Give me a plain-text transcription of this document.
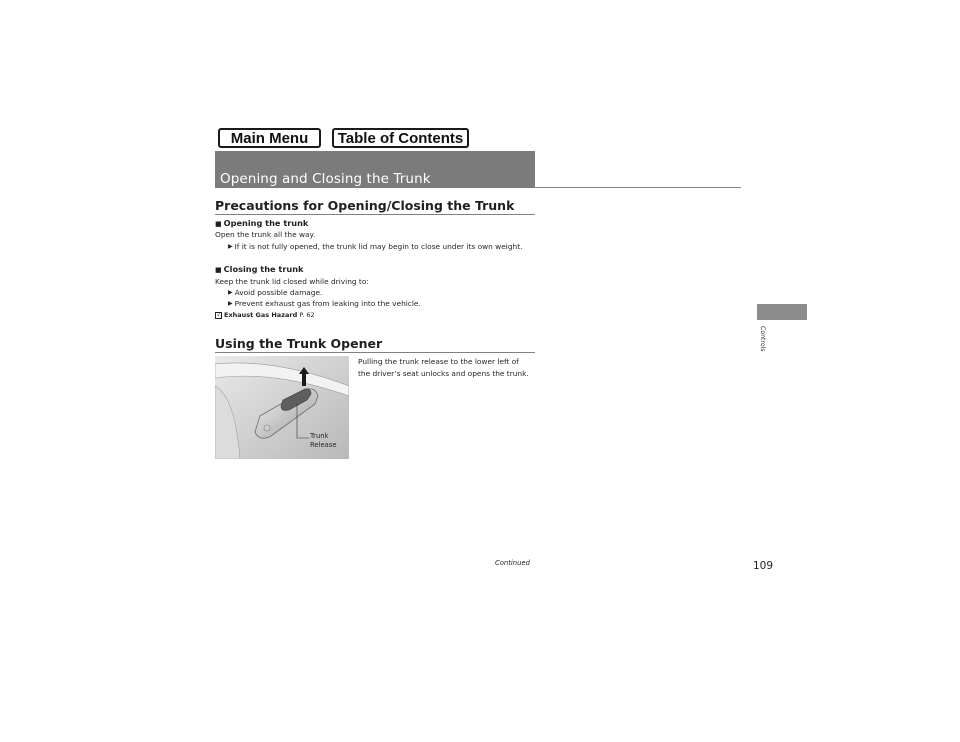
Main Menu	Table of Contents
Opening and Closing the Trunk
Precautions for Opening/Closing the Trunk
■ Opening the trunk
Open the trunk all the way.
▶ If it is not fully opened, the trunk lid may begin to close under its own weight.
■ Closing the trunk
Keep the trunk lid closed while driving to:
▶ Avoid possible damage.
▶ Prevent exhaust gas from leaking into the vehicle.
2 Exhaust Gas Hazard P. 62
Using the Trunk Opener
Pulling the trunk release to the lower left of
the driver’s seat unlocks and opens the trunk.
Trunk
Release
Controls
Continued	109
